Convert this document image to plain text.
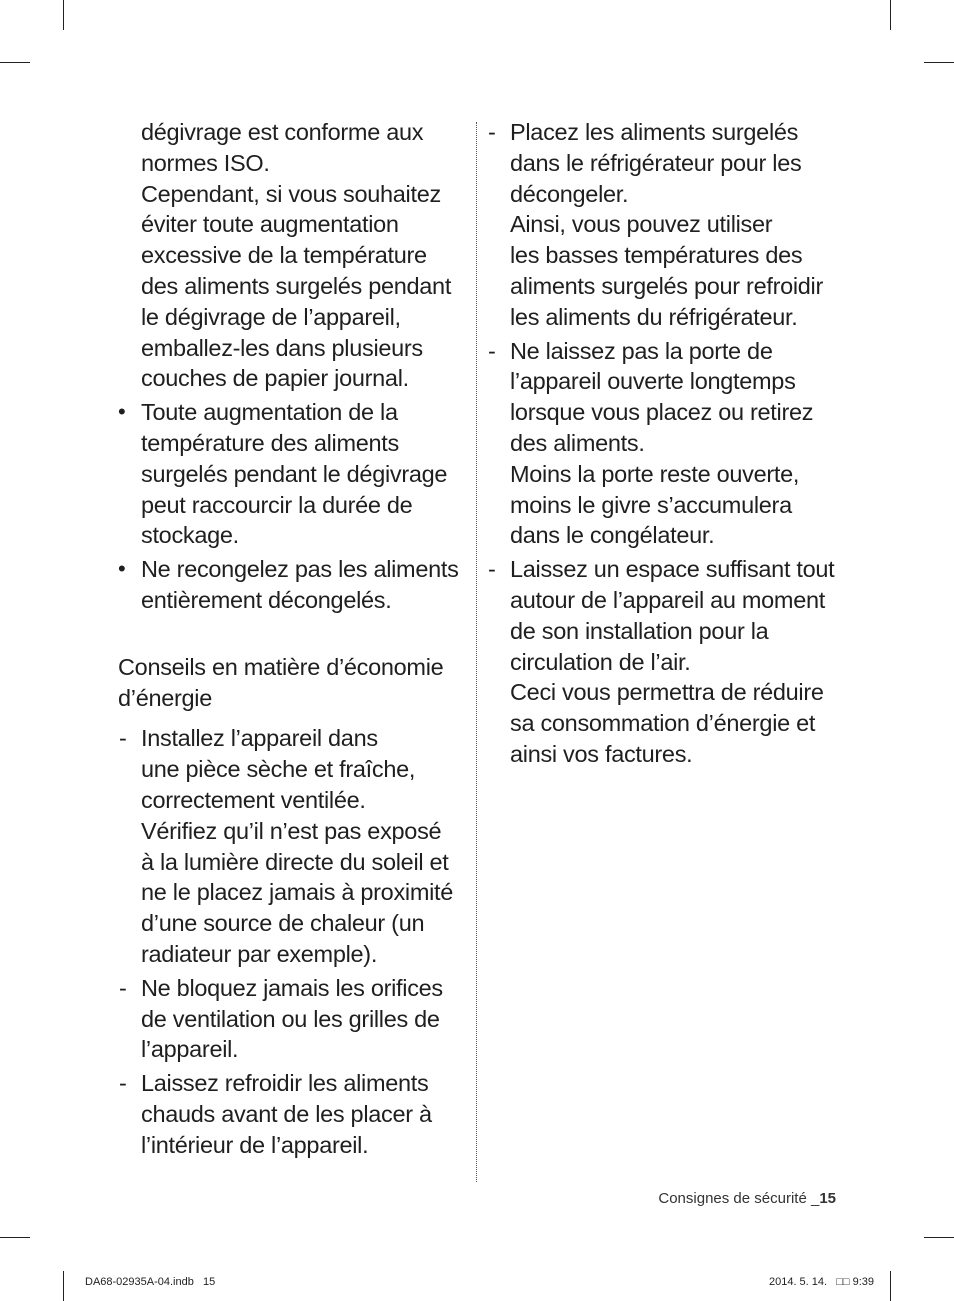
dégivrage est conforme aux
normes ISO.
Cependant, si vous souhaitez
éviter toute augmentation
excessive de la température
des aliments surgelés pendant
le dégivrage de l’appareil,
emballez-les dans plusieurs
couches de papier journal.
• Toute augmentation de la
température des aliments
surgelés pendant le dégivrage
peut raccourcir la durée de
stockage.
• Ne recongelez pas les aliments
entièrement décongelés.
Conseils en matière d’économie
d’énergie
- Installez l’appareil dans
une pièce sèche et fraîche,
correctement ventilée.
Vérifiez qu’il n’est pas exposé
à la lumière directe du soleil et
ne le placez jamais à proximité
d’une source de chaleur (un
radiateur par exemple).
- Ne bloquez jamais les orifices
de ventilation ou les grilles de
l’appareil.
- Laissez refroidir les aliments
chauds avant de les placer à
l’intérieur de l’appareil.
- Placez les aliments surgelés
dans le réfrigérateur pour les
décongeler.
Ainsi, vous pouvez utiliser
les basses températures des
aliments surgelés pour refroidir
les aliments du réfrigérateur.
- Ne laissez pas la porte de
l’appareil ouverte longtemps
lorsque vous placez ou retirez
des aliments.
Moins la porte reste ouverte,
moins le givre s’accumulera
dans le congélateur.
- Laissez un espace suffisant tout
autour de l’appareil au moment
de son installation pour la
circulation de l’air.
Ceci vous permettra de réduire
sa consommation d’énergie et
ainsi vos factures.
Consignes de sécurité _15
DA68-02935A-04.indb   15	2014. 5. 14.   □□ 9:39
